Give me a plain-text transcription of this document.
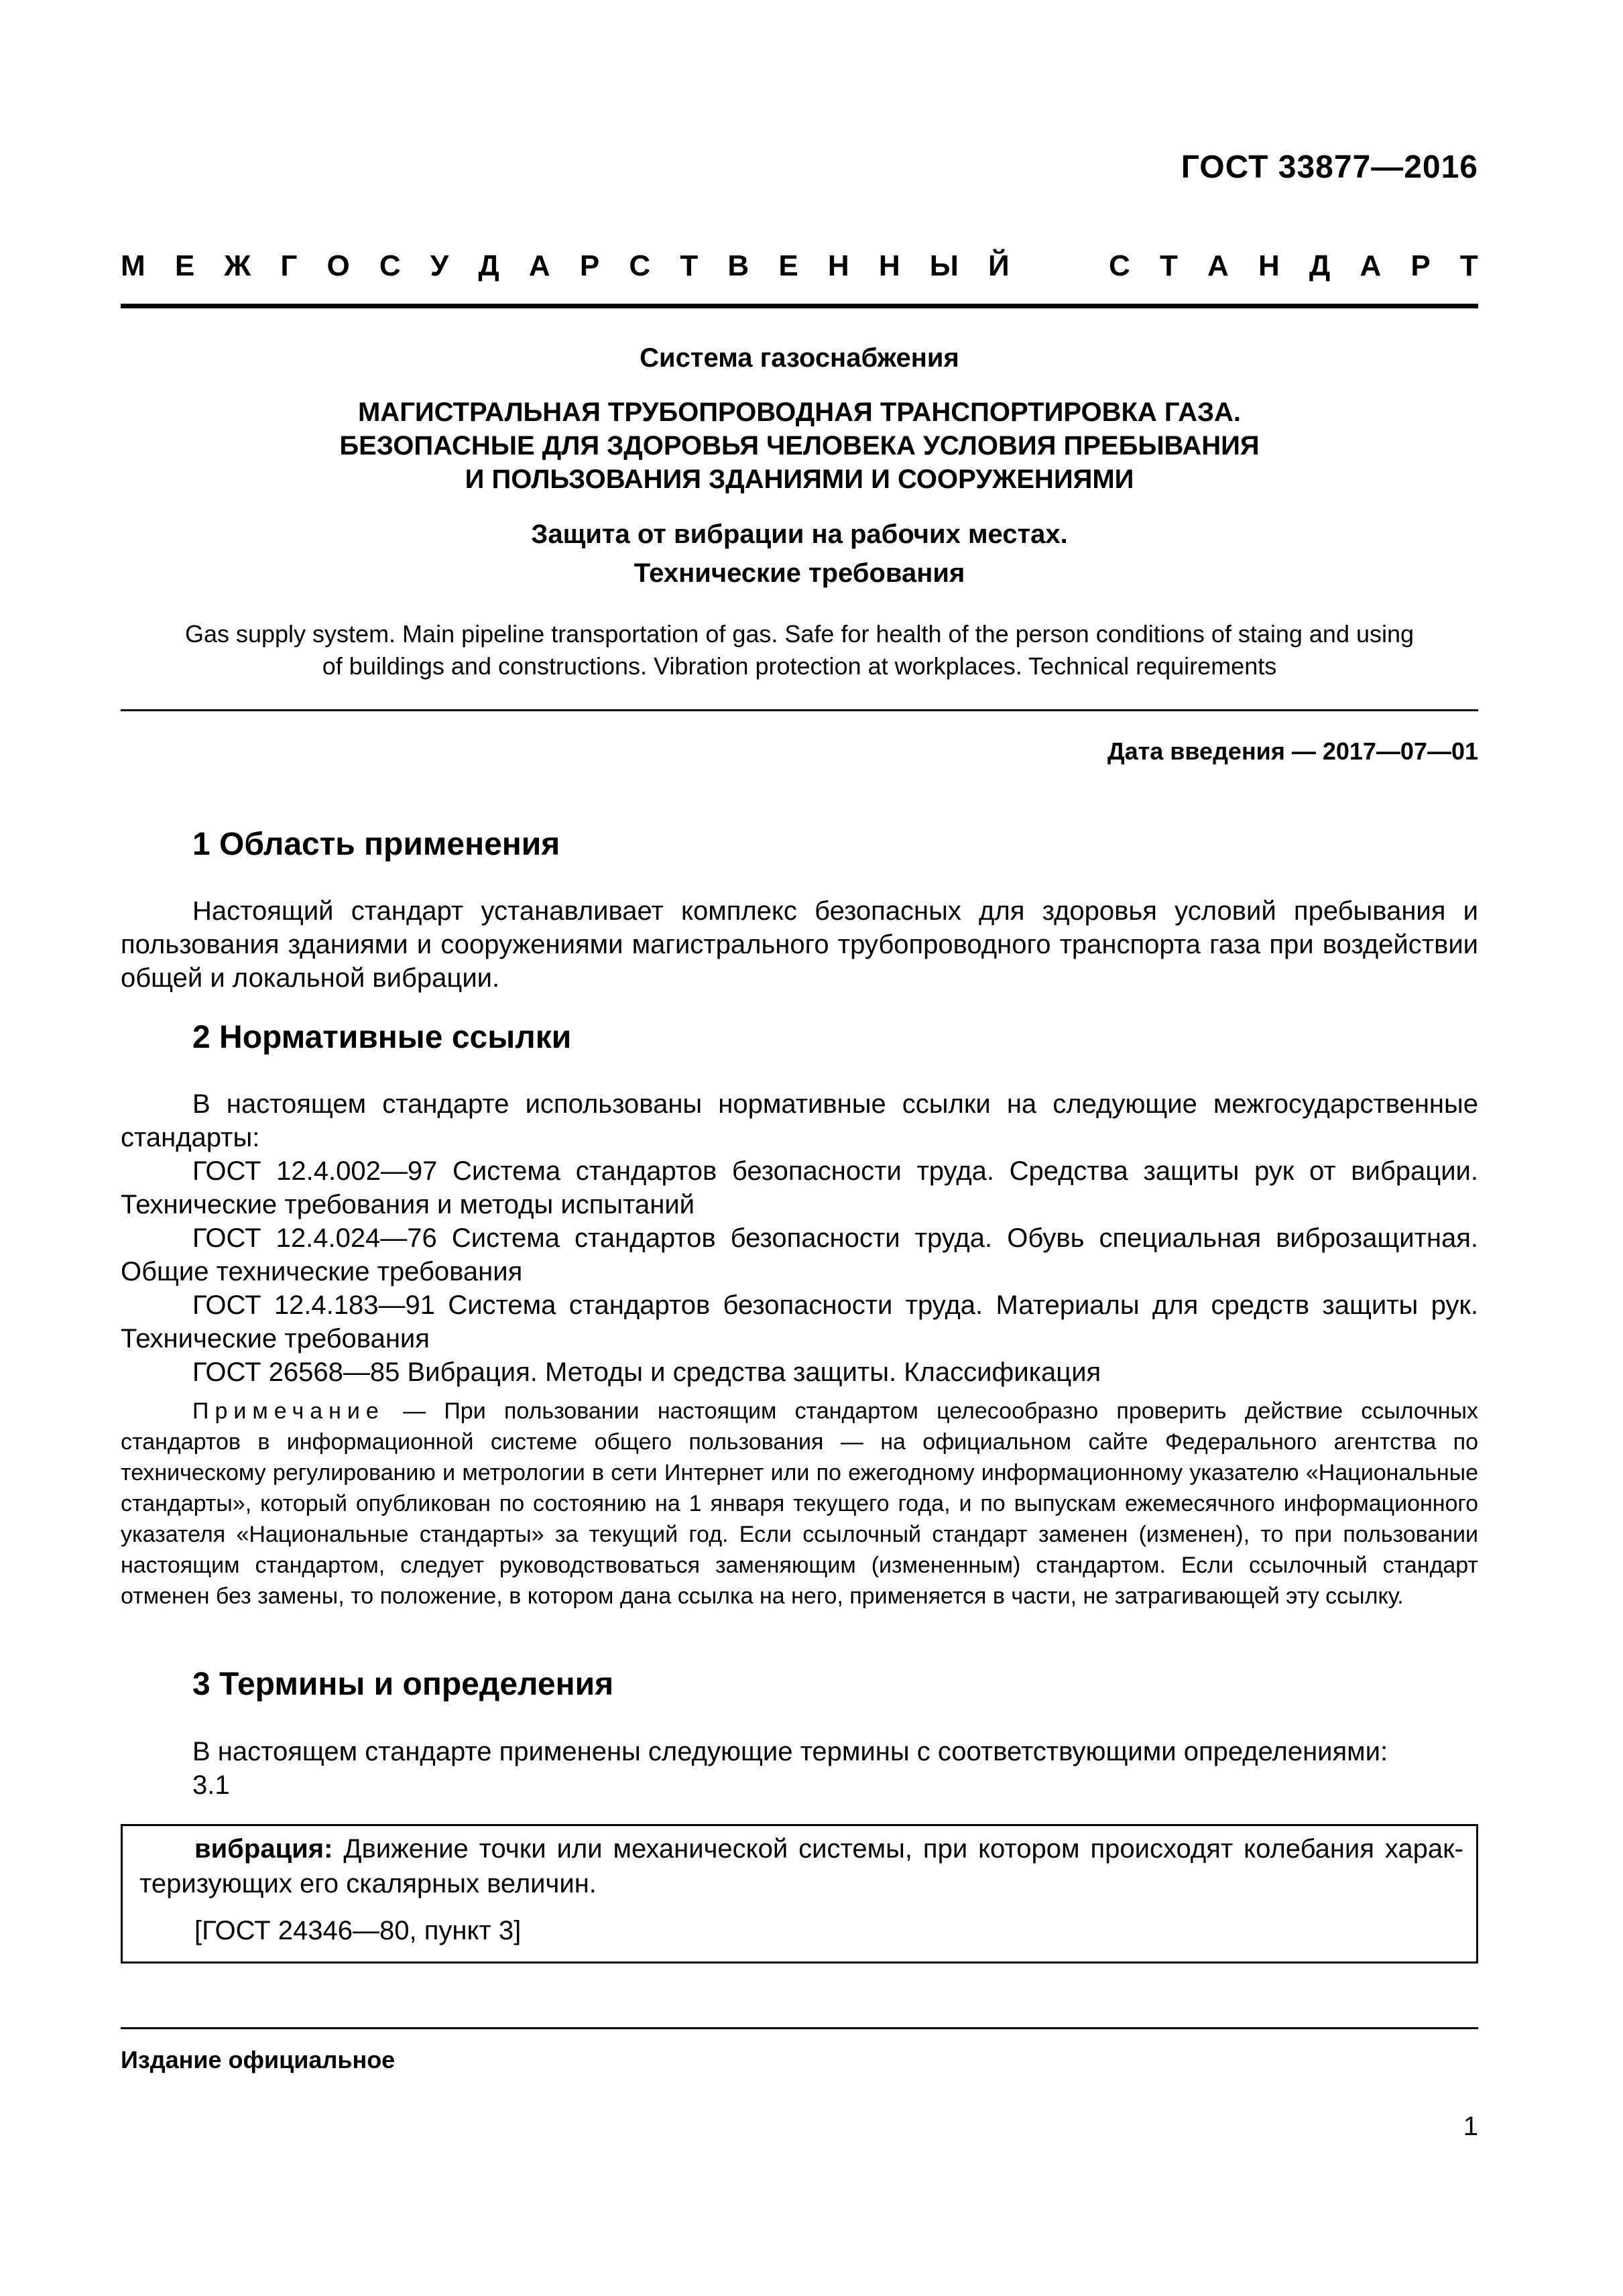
ГОСТ 33877—2016
М Е Ж Г О С У Д А Р С Т В Е Н Н Ы Й	С Т А Н Д А Р Т
Система газоснабжения
МАГИСТРАЛЬНАЯ ТРУБОПРОВОДНАЯ ТРАНСПОРТИРОВКА ГАЗА.
БЕЗОПАСНЫЕ ДЛЯ ЗДОРОВЬЯ ЧЕЛОВЕКА УСЛОВИЯ ПРЕБЫВАНИЯ
И ПОЛЬЗОВАНИЯ ЗДАНИЯМИ И СООРУЖЕНИЯМИ
Защита от вибрации на рабочих местах.
Технические требования
Gas supply system. Main pipeline transportation of gas. Safe for health of the person conditions of staing and using
of buildings and constructions. Vibration protection at workplaces. Technical requirements
Дата введения — 2017—07—01
1 Область применения
Настоящий стандарт устанавливает комплекс безопасных для здоровья условий пребывания и пользования зданиями и сооружениями магистрального трубопроводного транспорта газа при воздействии общей и локальной вибрации.
2 Нормативные ссылки
В настоящем стандарте использованы нормативные ссылки на следующие межгосударственные стандарты:
ГОСТ 12.4.002—97 Система стандартов безопасности труда. Средства защиты рук от вибрации. Технические требования и методы испытаний
ГОСТ 12.4.024—76 Система стандартов безопасности труда. Обувь специальная виброзащитная. Общие технические требования
ГОСТ 12.4.183—91 Система стандартов безопасности труда. Материалы для средств защиты рук. Технические требования
ГОСТ 26568—85 Вибрация. Методы и средства защиты. Классификация
Примечание — При пользовании настоящим стандартом целесообразно проверить действие ссылочных стандартов в информационной системе общего пользования — на официальном сайте Федерального агентства по техническому регулированию и метрологии в сети Интернет или по ежегодному информационному указателю «Национальные стандарты», который опубликован по состоянию на 1 января текущего года, и по выпускам ежемесячного информационного указателя «Национальные стандарты» за текущий год. Если ссылочный стандарт заменен (изменен), то при пользовании настоящим стандартом, следует руководствоваться заменяющим (измененным) стандартом. Если ссылочный стандарт отменен без замены, то положение, в котором дана ссылка на него, применяется в части, не затрагивающей эту ссылку.
3 Термины и определения
В настоящем стандарте применены следующие термины с соответствующими определениями:
3.1
вибрация: Движение точки или механической системы, при котором происходят колебания характеризующих его скалярных величин.
[ГОСТ 24346—80, пункт 3]
Издание официальное
1
